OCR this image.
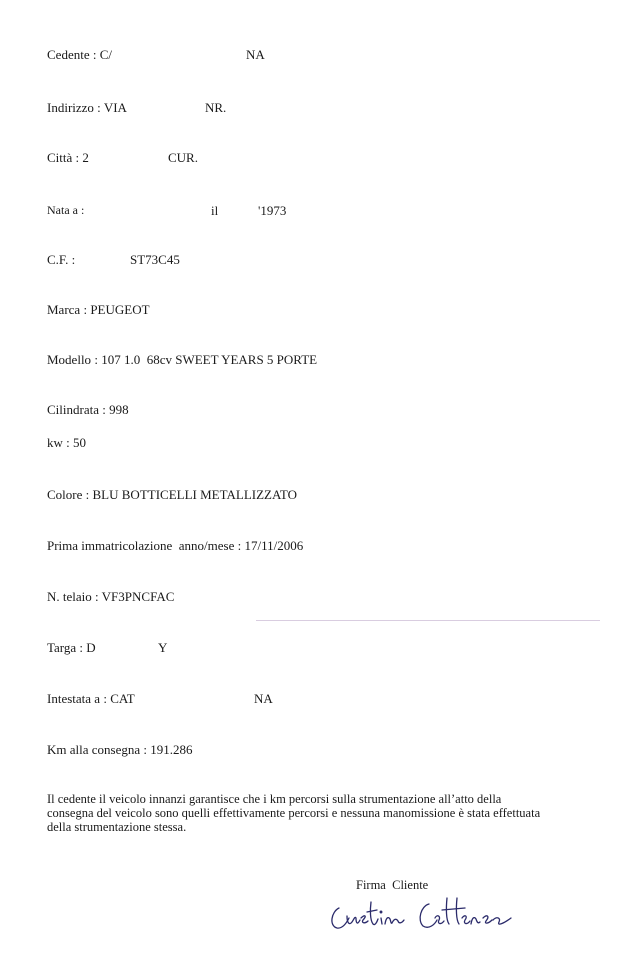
Cedente : C/	NA
Indirizzo : VIA	NR.
Città : 2	CUR.
Nata a :	il	'1973
C.F. :	ST73C45
Marca : PEUGEOT
Modello : 107 1.0  68cv SWEET YEARS 5 PORTE
Cilindrata : 998
kw : 50
Colore : BLU BOTTICELLI METALLIZZATO
Prima immatricolazione  anno/mese : 17/11/2006
N. telaio : VF3PNCFAC
Targa : D	Y
Intestata a : CAT	NA
Km alla consegna : 191.286
Il cedente il veicolo innanzi garantisce che i km percorsi sulla strumentazione all’atto della
consegna del veicolo sono quelli effettivamente percorsi e nessuna manomissione è stata effettuata
della strumentazione stessa.
Firma  Cliente
